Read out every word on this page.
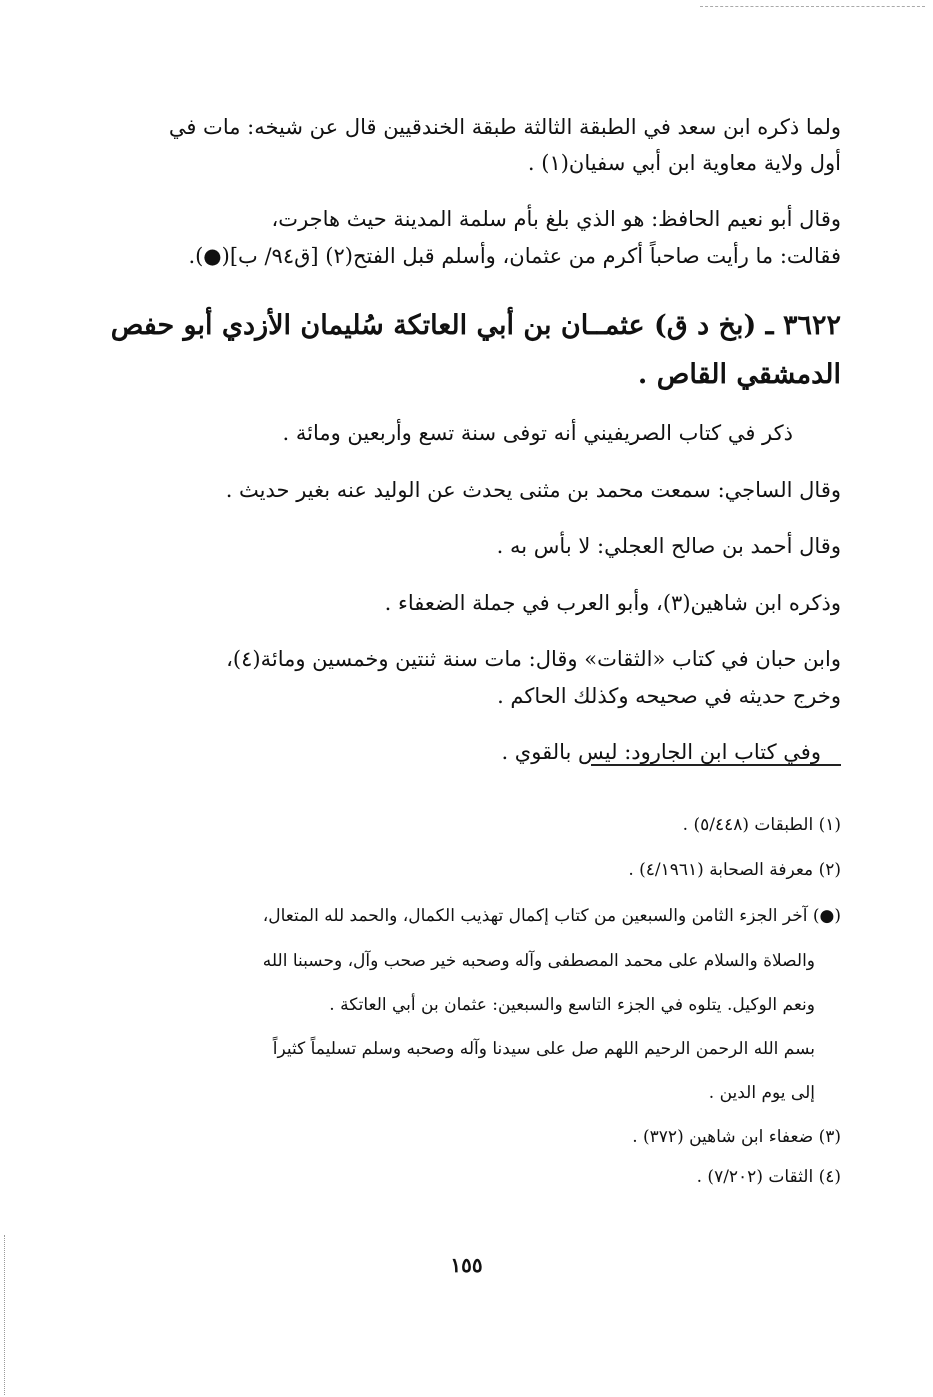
ولما ذكره ابن سعد في الطبقة الثالثة طبقة الخندقيين قال عن شيخه: مات في
أول ولاية معاوية ابن أبي سفيان(١) .
وقال أبو نعيم الحافظ: هو الذي بلغ بأم سلمة المدينة حيث هاجرت،
فقالت: ما رأيت صاحباً أكرم من عثمان، وأسلم قبل الفتح(٢) [ق٩٤/ ب](●).
٣٦٢٢ ـ (بخ د ق) عثمــان بن أبي العاتكة سُليمان الأزدي أبو حفص
الدمشقي القاص .
ذكر في كتاب الصريفيني أنه توفى سنة تسع وأربعين ومائة .
وقال الساجي: سمعت محمد بن مثنى يحدث عن الوليد عنه بغير حديث .
وقال أحمد بن صالح العجلي: لا بأس به .
وذكره ابن شاهين(٣)، وأبو العرب في جملة الضعفاء .
وابن حبان في كتاب «الثقات» وقال: مات سنة ثنتين وخمسين ومائة(٤)،
وخرج حديثه في صحيحه وكذلك الحاكم .
وفي كتاب ابن الجارود: ليس بالقوي .
(١) الطبقات (٥/٤٤٨) .
(٢) معرفة الصحابة (٤/١٩٦١) .
(●) آخر الجزء الثامن والسبعين من كتاب إكمال تهذيب الكمال، والحمد لله المتعال،
والصلاة والسلام على محمد المصطفى وآله وصحبه خير صحب وآل، وحسبنا الله
ونعم الوكيل. يتلوه في الجزء التاسع والسبعين: عثمان بن أبي العاتكة .
بسم الله الرحمن الرحيم اللهم صل على سيدنا وآله وصحبه وسلم تسليماً كثيراً
إلى يوم الدين .
(٣) ضعفاء ابن شاهين (٣٧٢) .
(٤) الثقات (٧/٢٠٢) .
١٥٥
